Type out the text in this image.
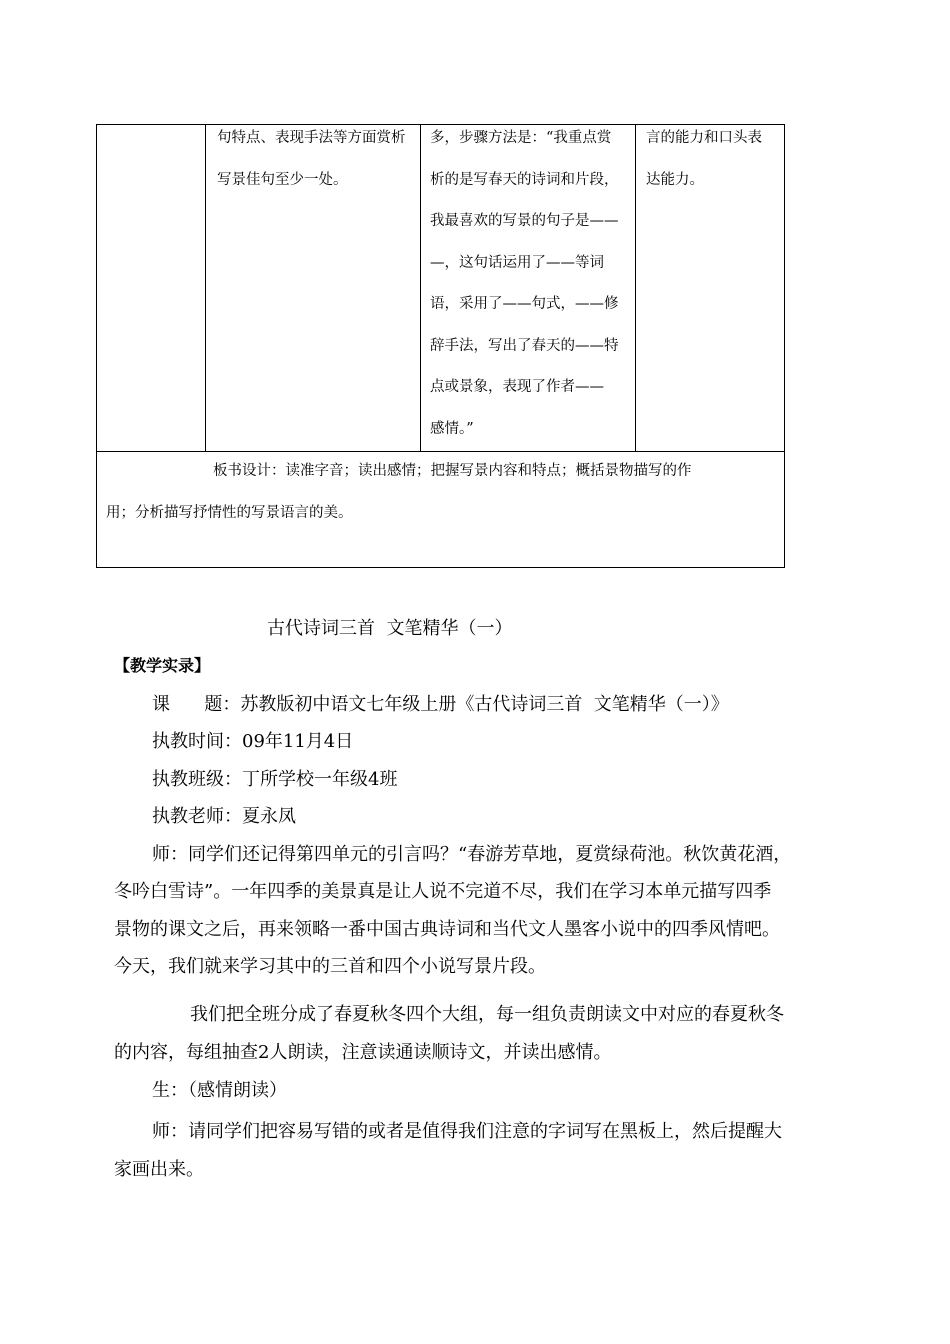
句特点、表现手法等方面赏析
写景佳句至少一处。
多，步骤方法是：“我重点赏
析的是写春天的诗词和片段，
我最喜欢的写景的句子是——
—，这句话运用了——等词
语，采用了——句式，——修
辞手法，写出了春天的——特
点或景象，表现了作者——
感情。”
言的能力和口头表
达能力。
板书设计：读准字音；读出感情；把握写景内容和特点；概括景物描写的作
用；分析描写抒情性的写景语言的美。
古代诗词三首  文笔精华（一）
【教学实录】
课      题：苏教版初中语文七年级上册《古代诗词三首  文笔精华（一）》
执教时间：09年11月4日
执教班级：丁所学校一年级4班
执教老师：夏永凤
师：同学们还记得第四单元的引言吗？“春游芳草地，夏赏绿荷池。秋饮黄花酒，
冬吟白雪诗”。一年四季的美景真是让人说不完道不尽，我们在学习本单元描写四季
景物的课文之后，再来领略一番中国古典诗词和当代文人墨客小说中的四季风情吧。
今天，我们就来学习其中的三首和四个小说写景片段。
我们把全班分成了春夏秋冬四个大组，每一组负责朗读文中对应的春夏秋冬
的内容，每组抽查2人朗读，注意读通读顺诗文，并读出感情。
生：（感情朗读）
师：请同学们把容易写错的或者是值得我们注意的字词写在黑板上，然后提醒大
家画出来。
